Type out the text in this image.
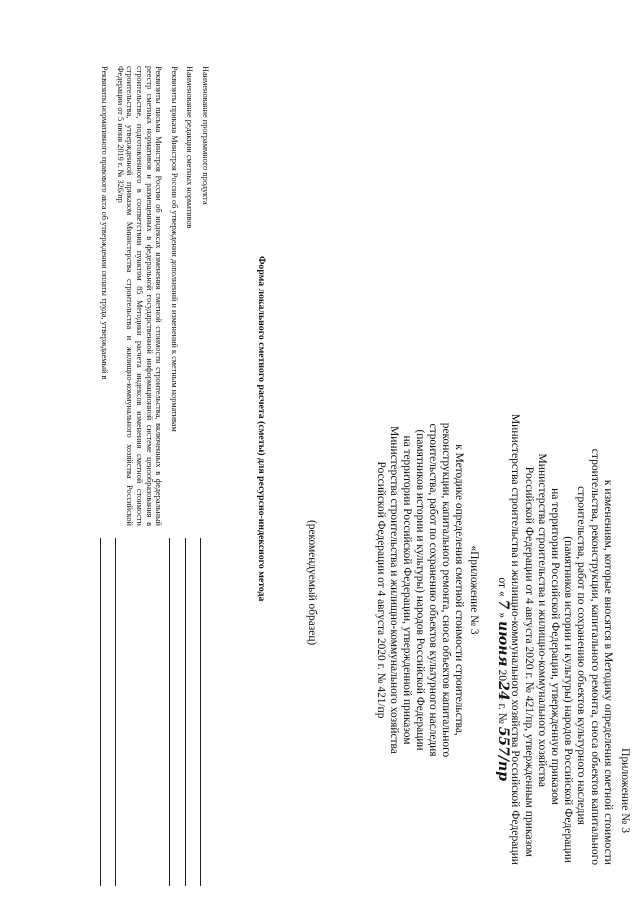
Приложение № 3
к изменениям, которые вносятся в Методику определения сметной стоимости
строительства, реконструкции, капитального ремонта, сноса объектов капитального
строительства, работ по сохранению объектов культурного наследия
(памятников истории и культуры) народов Российской Федерации
на территории Российской Федерации, утвержденную приказом
Министерства строительства и жилищно-коммунального хозяйства
Российской Федерации от 4 августа 2020 г. № 421/пр, утвержденным приказом
Министерства строительства и жилищно-коммунального хозяйства Российской Федерации
от « 7 » июня 2024 г. № 557/пр
«Приложение № 3
к Методике определения сметной стоимости строительства,
реконструкции, капитального ремонта, сноса объектов капитального
строительства, работ по сохранению объектов культурного наследия
(памятников истории и культуры) народов Российской Федерации
на территории Российской Федерации, утвержденной приказом
Министерства строительства и жилищно-коммунального хозяйства
Российской Федерации от 4 августа 2020 г. № 421/пр
(рекомендуемый образец)
Форма локального сметного расчета (сметы) для ресурсно-индексного метода
Наименование программного продукта
Наименование редакции сметных нормативов
Реквизиты приказа Минстроя России об утверждении дополнений и изменений к сметным нормативам
Реквизиты письма Минстроя России об индексах изменения сметной стоимости строительства, включенных в федеральный реестр сметных нормативов и размещенных в федеральной государственной информационной системе ценообразования в строительстве, подготовленного в соответствии пунктом 85 Методики расчета индексов изменения сметной стоимости строительства, утвержденной приказом Министерства строительства и жилищно-коммунального хозяйства Российской Федерации от 5 июня 2019 г. № 326/пр
Реквизиты нормативного правового акта об утверждении оплаты труда, утверждаемый в
